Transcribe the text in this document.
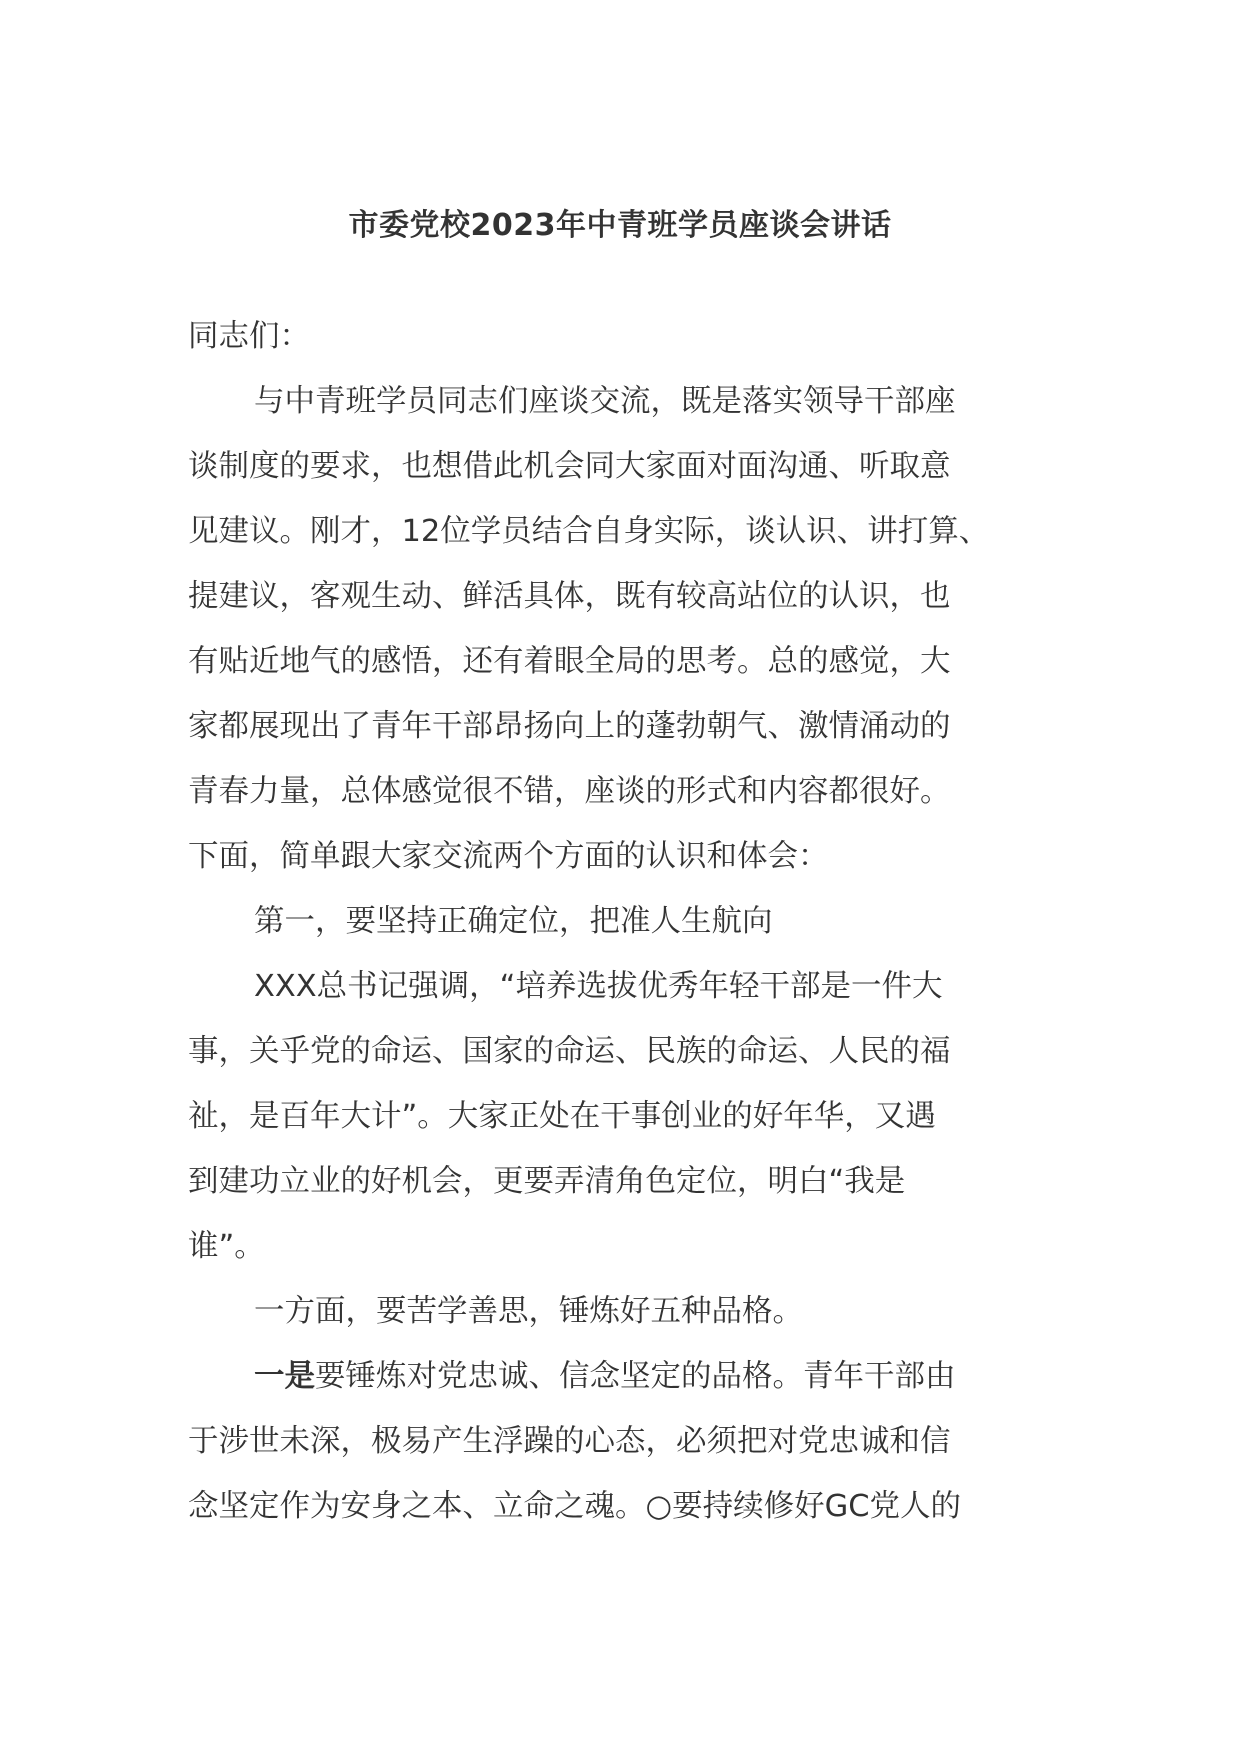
市委党校2023年中青班学员座谈会讲话
同志们：
与中青班学员同志们座谈交流，既是落实领导干部座
谈制度的要求，也想借此机会同大家面对面沟通、听取意
见建议。刚才，12位学员结合自身实际，谈认识、讲打算、
提建议，客观生动、鲜活具体，既有较高站位的认识，也
有贴近地气的感悟，还有着眼全局的思考。总的感觉，大
家都展现出了青年干部昂扬向上的蓬勃朝气、激情涌动的
青春力量，总体感觉很不错，座谈的形式和内容都很好。
下面，简单跟大家交流两个方面的认识和体会：
第一，要坚持正确定位，把准人生航向
XXX总书记强调，“培养选拔优秀年轻干部是一件大
事，关乎党的命运、国家的命运、民族的命运、人民的福
祉，是百年大计”。大家正处在干事创业的好年华，又遇
到建功立业的好机会，更要弄清角色定位，明白“我是
谁”。
一方面，要苦学善思，锤炼好五种品格。
一是要锤炼对党忠诚、信念坚定的品格。青年干部由
于涉世未深，极易产生浮躁的心态，必须把对党忠诚和信
念坚定作为安身之本、立命之魂。○要持续修好GC党人的
